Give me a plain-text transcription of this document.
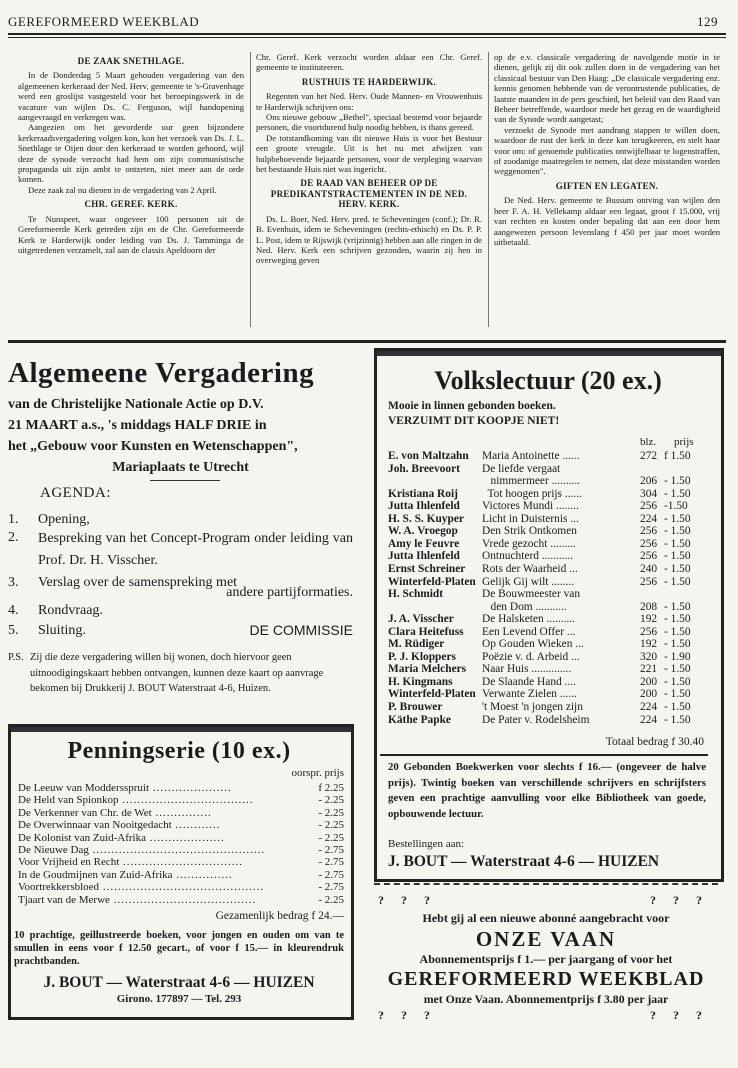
GEREFORMEERD WEEKBLAD	129
DE ZAAK SNETHLAGE.

In de Donderdag 5 Maart gehouden vergadering van den algemeenen kerkeraad der Ned. Herv. gemeente te 's-Gravenhage werd een groslijst vastgesteld voor het beroepingswerk in de vacature van wijlen Ds. C. Ferguson, wijl handopening aangevraagd en verkregen was.

Aangezien om het gevorderde uur geen bijzondere kerkeraadsvergadering volgen kon, kon het verzoek van Ds. J. L. Snethlage te Oijen door den kerkeraad te worden gehoord, wijl deze de synode verzocht had hem om zijn communistische propaganda uit zijn ambt te ontzeten, niet meer aan de orde komen.

Deze zaak zal nu dienen in de vergadering van 2 April.

CHR. GEREF. KERK.

Te Nunspeet, waar ongeveer 100 personen uit de Gereformeerde Kerk getreden zijn en de Chr. Gereformeerde Kerk te Harderwijk onder leiding van Ds. J. Tamminga de uitgetredenen verzamelt, zal aan de classis Apeldoorn der

Chr. Geref. Kerk verzocht worden aldaar een Chr. Geref. gemeente te instituteeren.

RUSTHUIS TE HARDERWIJK.

Regenten van het Ned. Herv. Oude Mannen- en Vrouwenhuis te Harderwijk schrijven ons:

Ons nieuwe gebouw „Bethel", speciaal bestemd voor bejaarde personen, die voortdurend hulp noodig hebben, is thans gereed.

De totstandkoming van dit nieuwe Huis is voor het Bestuur een groote vreugde. Uit is het nu met afwijzen van hulpbehoevende bejaarde personen, voor de verpleging waarvan het bestaande Huis niet was ingericht.

DE RAAD VAN BEHEER OP DE PREDIKANTSTRACTEMENTEN IN DE NED. HERV. KERK.

Ds. L. Boer, Ned. Herv. pred. te Scheveningen (conf.); Dr. R. B. Evenhuis, idem te Scheveningen (rechts-ethisch) en Ds. P. P. L. Post, idem te Rijswijk (vrijzinnig) hebben aan alle ringen in de Ned. Herv. Kerk een schrijven gezonden, waarin zij hen in overweging geven

op de e.v. classicale vergadering de navolgende motie in te dienen, gelijk zij dit ook zullen doen in de vergadering van het classicaal bestuur van Den Haag: „De classicale vergadering enz. kennis genomen hebbende van de verontrustende publicaties, de laatste maanden in de pers geschied, het beleid van den Raad van Beheer betreffende, waardoor mede het gezag en de waardigheid van de Synode wordt aangetast;

verzoekt de Synode met aandrang stappen te willen doen, waardoor de rust der kerk in deze kan terugkeeren, en stelt haar voor om: of genoemde publicaties ontwijfelbaar te logenstraffen, of zoodanige maatregelen te nemen, dat deze misstanden worden weggenomen".

GIFTEN EN LEGATEN.

De Ned. Herv. gemeente te Bussum ontving van wijlen den heer F. A. H. Vellekamp aldaar een legaat, groot f 15.000, vrij van rechten en kosten onder bepaling dat aan een door hem aangewezen persoon levenslang f 450 per jaar moet worden uitbetaald.

Algemeene Vergadering
van de Christelijke Nationale Actie op D.V.
21 MAART a.s., 's middags HALF DRIE in
het „Gebouw voor Kunsten en Wetenschappen",
Mariaplaats te Utrecht
AGENDA:
1. Opening,
2. Bespreking van het Concept-Program onder leiding van Prof. Dr. H. Visscher.
3. Verslag over de samenspreking met
andere partijformaties.
4. Rondvraag.
5. Sluiting.	DE COMMISSIE
P.S. Zij die deze vergadering willen bij wonen, doch hiervoor geen uitnoodigingskaart hebben ontvangen, kunnen deze kaart op aanvrage bekomen bij Drukkerij J. BOUT Waterstraat 4-6, Huizen.
Penningserie (10 ex.)
oorspr. prijs
De Leeuw van Moddersspruit .....................	f 2.25
De Held van Spionkop ...................................	- 2.25
De Verkenner van Chr. de Wet ...............	- 2.25
De Overwinnaar van Nooitgedacht ............	- 2.25
De Kolonist van Zuid-Afrika ....................	- 2.25
De Nieuwe Dag ..............................................	- 2.75
Voor Vrijheid en Recht ................................	- 2.75
In de Goudmijnen van Zuid-Afrika ...............	- 2.75
Voortrekkersbloed ...........................................	- 2.75
Tjaart van de Merwe ......................................	- 2.25
Gezamenlijk bedrag f 24.—
10 prachtige, geillustreerde boeken, voor jongen en ouden om van te smullen in eens voor f 12.50 gecart., of voor f 15.— in kleurendruk prachtbanden.
J. BOUT — Waterstraat 4-6 — HUIZEN
Girono. 177897 — Tel. 293
Volkslectuur (20 ex.)
Mooie in linnen gebonden boeken.
VERZUIMT DIT KOOPJE NIET!
blz. prijs
E. von Maltzahn Maria Antoinette ......	272 f 1.50
Joh. Breevoort De liefde vergaat
nimmermeer ..........	206 - 1.50
Kristiana Roij Tot hoogen prijs ......	304 - 1.50
Jutta Ihlenfeld Victores Mundi ........	256 -1.50
H. S. S. Kuyper Licht in Duisternis ...	224 - 1.50
W. A. Vroegop Den Strik Ontkomen	256 - 1.50
Amy le Feuvre Vrede gezocht .........	256 - 1.50
Jutta Ihlenfeld Ontnuchterd ...........	256 - 1.50
Ernst Schreiner Rots der Waarheid ...	240 - 1.50
Winterfeld-Platen Gelijk Gij wilt ........	256 - 1.50
H. Schmidt	De Bouwmeester van
den Dom ...........	208 - 1.50
J. A. Visscher De Halsketen ..........	192 - 1.50
Clara Heitefuss Een Levend Offer ...	256 - 1.50
M. Rüdiger	Op Gouden Wieken ...	192 - 1.50
P. J. Kloppers Poëzie v. d. Arbeid ...	320 - 1.90
Maria Melchers Naar Huis ..............	221 - 1.50
H. Kingmans	De Slaande Hand ....	200 - 1.50
Winterfeld-Platen Verwante Zielen ......	200 - 1.50
P. Brouwer	't Moest 'n jongen zijn	224 - 1.50
Käthe Papke	De Pater v. Rodelsheim	224 - 1.50
Totaal bedrag f 30.40
20 Gebonden Boekwerken voor slechts f 16.— (ongeveer de halve prijs). Twintig boeken van verschillende schrijvers en schrijfsters geven een prachtige aanvulling voor elke Bibliotheek van goede, opbouwende lectuur.
Bestellingen aan:
J. BOUT — Waterstraat 4-6 — HUIZEN
? ? ?	? ? ?
Hebt gij al een nieuwe abonné aangebracht voor
ONZE VAAN
Abonnementsprijs f 1.— per jaargang of voor het
GEREFORMEERD WEEKBLAD
met Onze Vaan. Abonnementprijs f 3.80 per jaar
? ? ?	? ? ?
